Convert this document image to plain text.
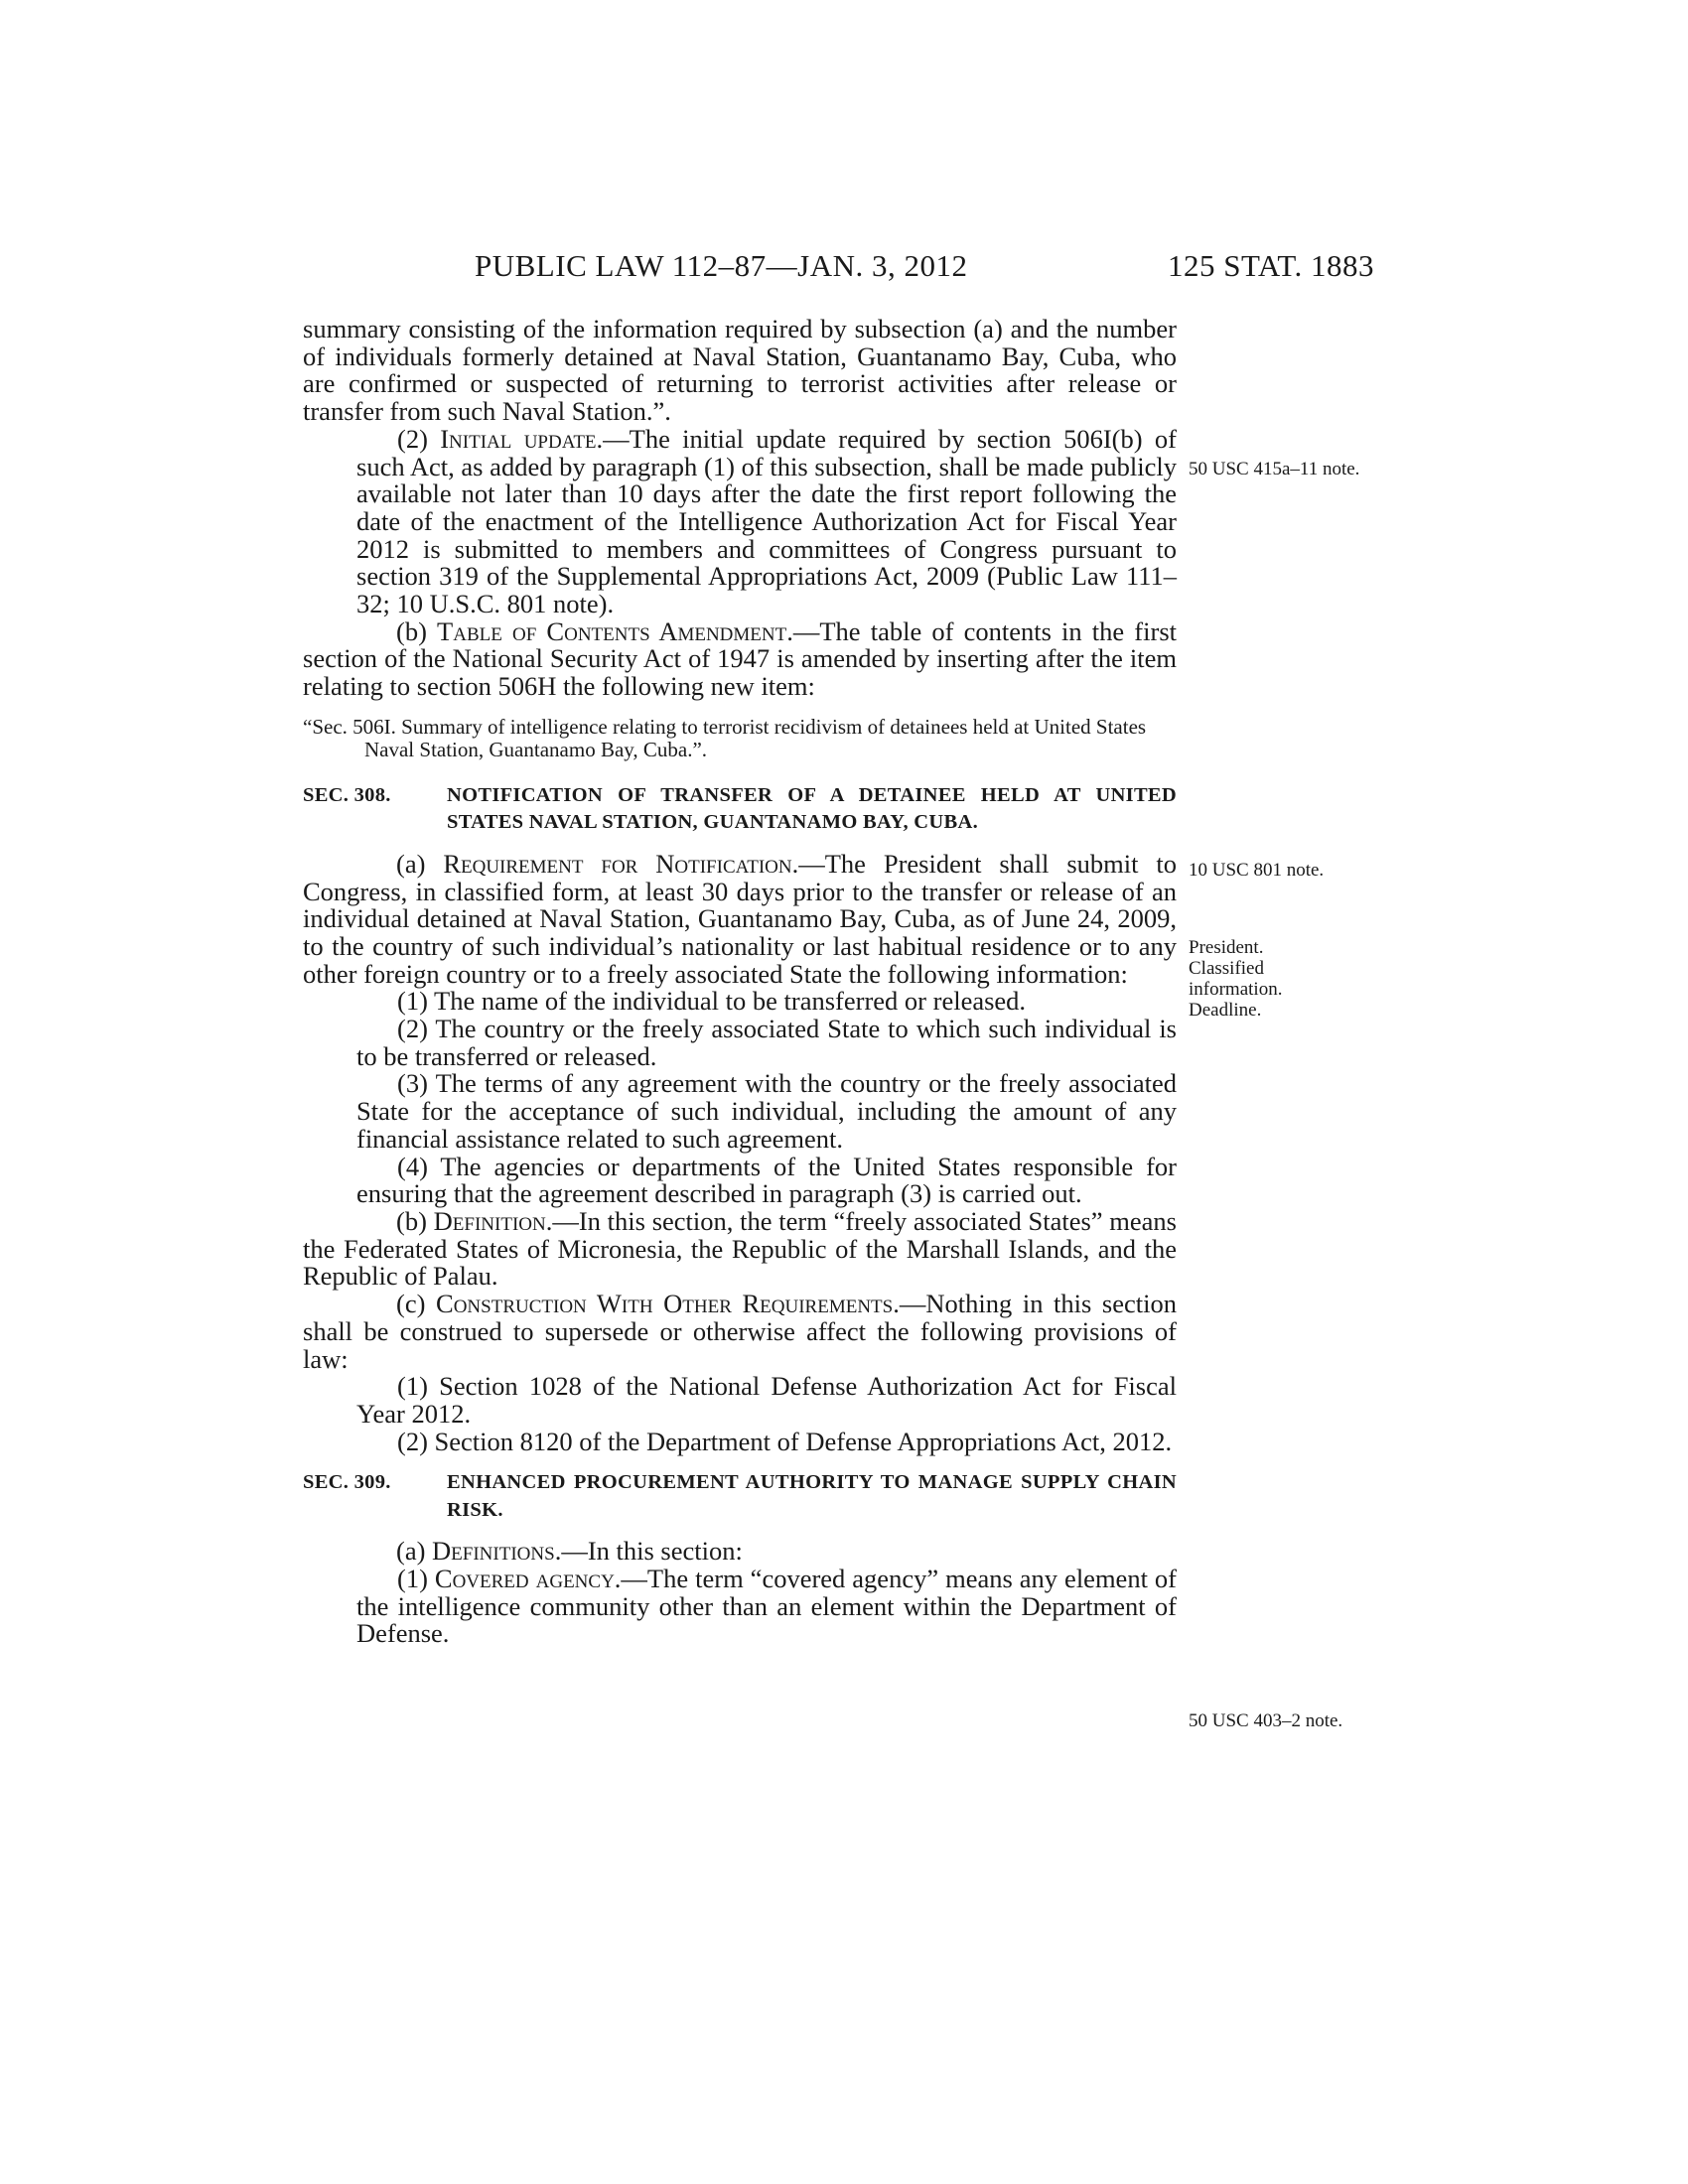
PUBLIC LAW 112–87—JAN. 3, 2012	125 STAT. 1883

summary consisting of the information required by subsection (a) and the number of individuals formerly detained at Naval Station, Guantanamo Bay, Cuba, who are confirmed or suspected of returning to terrorist activities after release or transfer from such Naval Station.”.

(2) Initial update.—The initial update required by section 506I(b) of such Act, as added by paragraph (1) of this subsection, shall be made publicly available not later than 10 days after the date the first report following the date of the enactment of the Intelligence Authorization Act for Fiscal Year 2012 is submitted to members and committees of Congress pursuant to section 319 of the Supplemental Appropriations Act, 2009 (Public Law 111–32; 10 U.S.C. 801 note).

(b) Table of Contents Amendment.—The table of contents in the first section of the National Security Act of 1947 is amended by inserting after the item relating to section 506H the following new item:

“Sec. 506I. Summary of intelligence relating to terrorist recidivism of detainees held at United States Naval Station, Guantanamo Bay, Cuba.”.

SEC. 308.	NOTIFICATION OF TRANSFER OF A DETAINEE HELD AT UNITED STATES NAVAL STATION, GUANTANAMO BAY, CUBA.

(a) Requirement for Notification.—The President shall submit to Congress, in classified form, at least 30 days prior to the transfer or release of an individual detained at Naval Station, Guantanamo Bay, Cuba, as of June 24, 2009, to the country of such individual’s nationality or last habitual residence or to any other foreign country or to a freely associated State the following information:

(1) The name of the individual to be transferred or released.

(2) The country or the freely associated State to which such individual is to be transferred or released.

(3) The terms of any agreement with the country or the freely associated State for the acceptance of such individual, including the amount of any financial assistance related to such agreement.

(4) The agencies or departments of the United States responsible for ensuring that the agreement described in paragraph (3) is carried out.

(b) Definition.—In this section, the term “freely associated States” means the Federated States of Micronesia, the Republic of the Marshall Islands, and the Republic of Palau.

(c) Construction With Other Requirements.—Nothing in this section shall be construed to supersede or otherwise affect the following provisions of law:

(1) Section 1028 of the National Defense Authorization Act for Fiscal Year 2012.

(2) Section 8120 of the Department of Defense Appropriations Act, 2012.

SEC. 309.	ENHANCED PROCUREMENT AUTHORITY TO MANAGE SUPPLY CHAIN RISK.

(a) Definitions.—In this section:

(1) Covered agency.—The term “covered agency” means any element of the intelligence community other than an element within the Department of Defense.

50 USC 415a–11 note.
10 USC 801 note.
President. Classified information. Deadline.
50 USC 403–2 note.
